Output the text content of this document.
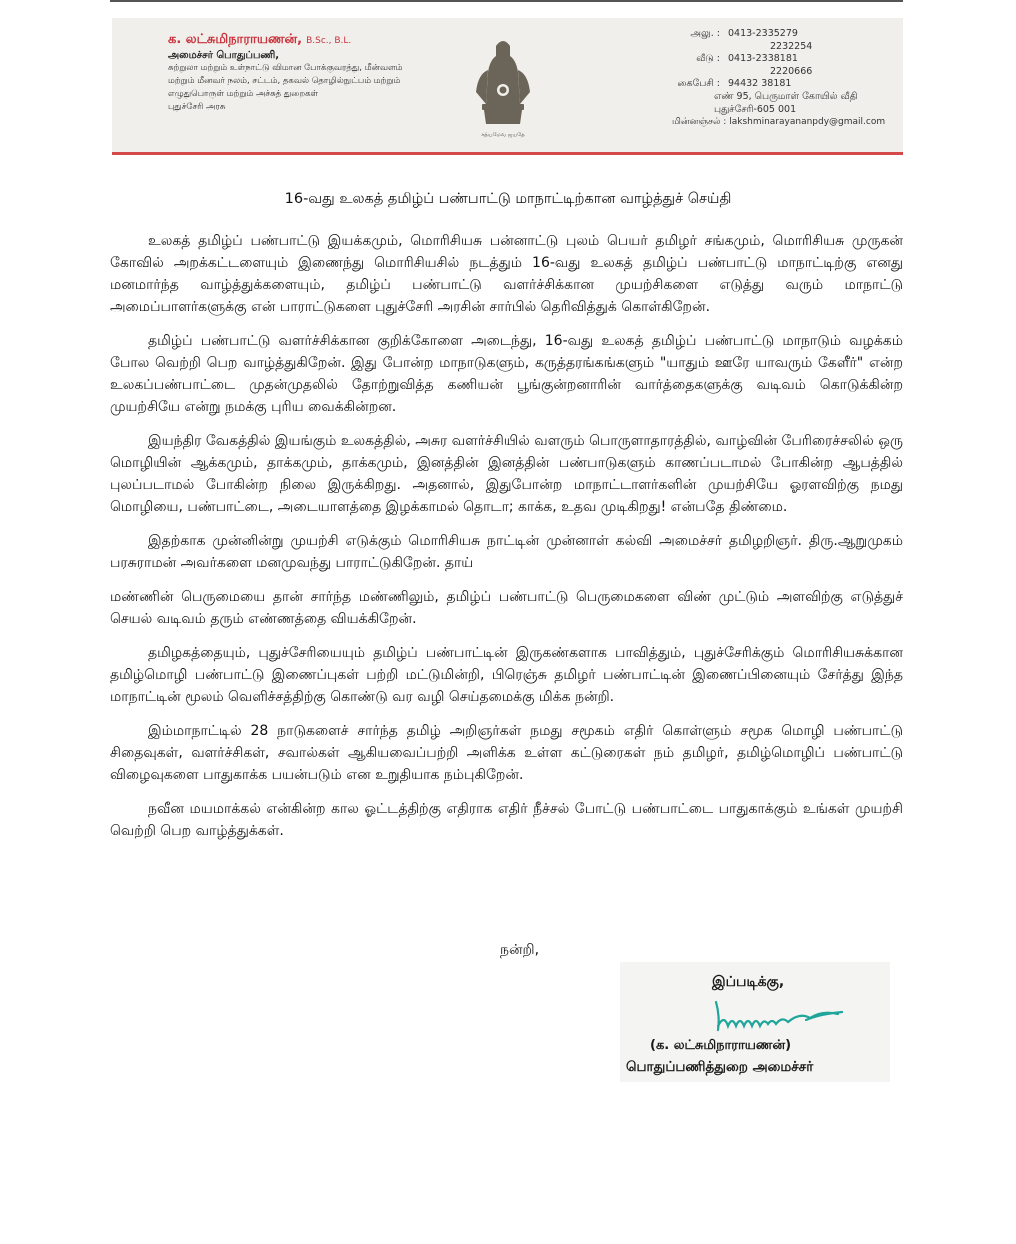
க. லட்சுமிநாராயணன், B.Sc., B.L.
அமைச்சர் பொதுப்பணி,
சுற்றுலா மற்றும் உள்நாட்டு விமான போக்குவரத்து, மீன்வளம்
மற்றும் மீனவர் நலம், சட்டம், தகவல் தொழில்நுட்பம் மற்றும்
எழுதுபொருள் மற்றும் அச்சுத் துறைகள்
புதுச்சேரி அரசு
சத்யமேவ ஜயதே
அலு. : 0413-2335279
2232254
வீடு : 0413-2338181
2220666
கைபேசி : 94432 38181
எண் 95, பெருமாள் கோயில் வீதி
புதுச்சேரி-605 001
மின்னஞ்சல் : lakshminarayananpdy@gmail.com
16-வது உலகத் தமிழ்ப் பண்பாட்டு மாநாட்டிற்கான வாழ்த்துச் செய்தி

உலகத் தமிழ்ப் பண்பாட்டு இயக்கமும், மொரிசியசு பன்னாட்டு புலம் பெயர் தமிழர் சங்கமும், மொரிசியசு முருகன் கோவில் அறக்கட்டளையும் இணைந்து மொரிசியசில் நடத்தும் 16-வது உலகத் தமிழ்ப் பண்பாட்டு மாநாட்டிற்கு எனது மனமார்ந்த வாழ்த்துக்களையும், தமிழ்ப் பண்பாட்டு வளர்ச்சிக்கான முயற்சிகளை எடுத்து வரும் மாநாட்டு அமைப்பாளர்களுக்கு என் பாராட்டுகளை புதுச்சேரி அரசின் சார்பில் தெரிவித்துக் கொள்கிறேன்.

தமிழ்ப் பண்பாட்டு வளர்ச்சிக்கான குறிக்கோளை அடைந்து, 16-வது உலகத் தமிழ்ப் பண்பாட்டு மாநாடும் வழக்கம் போல வெற்றி பெற வாழ்த்துகிறேன். இது போன்ற மாநாடுகளும், கருத்தரங்கங்களும் "யாதும் ஊரே யாவரும் கேளீர்" என்ற உலகப்பண்பாட்டை முதன்முதலில் தோற்றுவித்த கணியன் பூங்குன்றனாரின் வார்த்தைகளுக்கு வடிவம் கொடுக்கின்ற முயற்சியே என்று நமக்கு புரிய வைக்கின்றன.

இயந்திர வேகத்தில் இயங்கும் உலகத்தில், அசுர வளர்ச்சியில் வளரும் பொருளாதாரத்தில், வாழ்வின் பேரிரைச்சலில் ஒரு மொழியின் ஆக்கமும், தாக்கமும், தாக்கமும், இனத்தின் இனத்தின் பண்பாடுகளும் காணப்படாமல் போகின்ற ஆபத்தில் புலப்படாமல் போகின்ற நிலை இருக்கிறது. அதனால், இதுபோன்ற மாநாட்டாளர்களின் முயற்சியே ஓரளவிற்கு நமது மொழியை, பண்பாட்டை, அடையாளத்தை இழக்காமல் தொடா; காக்க, உதவ முடிகிறது! என்பதே திண்மை.

இதற்காக முன்னின்று முயற்சி எடுக்கும் மொரிசியசு நாட்டின் முன்னாள் கல்வி அமைச்சர் தமிழறிஞர். திரு.ஆறுமுகம் பரசுராமன் அவர்களை மனமுவந்து பாராட்டுகிறேன். தாய்

மண்ணின் பெருமையை தான் சார்ந்த மண்ணிலும், தமிழ்ப் பண்பாட்டு பெருமைகளை விண் முட்டும் அளவிற்கு எடுத்துச் செயல் வடிவம் தரும் எண்ணத்தை வியக்கிறேன்.

தமிழகத்தையும், புதுச்சேரியையும் தமிழ்ப் பண்பாட்டின் இருகண்களாக பாவித்தும், புதுச்சேரிக்கும் மொரிசியசுக்கான தமிழ்மொழி பண்பாட்டு இணைப்புகள் பற்றி மட்டுமின்றி, பிரெஞ்சு தமிழர் பண்பாட்டின் இணைப்பினையும் சேர்த்து இந்த மாநாட்டின் மூலம் வெளிச்சத்திற்கு கொண்டு வர வழி செய்தமைக்கு மிக்க நன்றி.

இம்மாநாட்டில் 28 நாடுகளைச் சார்ந்த தமிழ் அறிஞர்கள் நமது சமூகம் எதிர் கொள்ளும் சமூக மொழி பண்பாட்டு சிதைவுகள், வளர்ச்சிகள், சவால்கள் ஆகியவைப்பற்றி அளிக்க உள்ள கட்டுரைகள் நம் தமிழர், தமிழ்மொழிப் பண்பாட்டு விழைவுகளை பாதுகாக்க பயன்படும் என உறுதியாக நம்புகிறேன்.

நவீன மயமாக்கல் என்கின்ற கால ஓட்டத்திற்கு எதிராக எதிர் நீச்சல் போட்டு பண்பாட்டை பாதுகாக்கும் உங்கள் முயற்சி வெற்றி பெற வாழ்த்துக்கள்.

நன்றி,
இப்படிக்கு,
(க. லட்சுமிநாராயணன்)
பொதுப்பணித்துறை அமைச்சர்
